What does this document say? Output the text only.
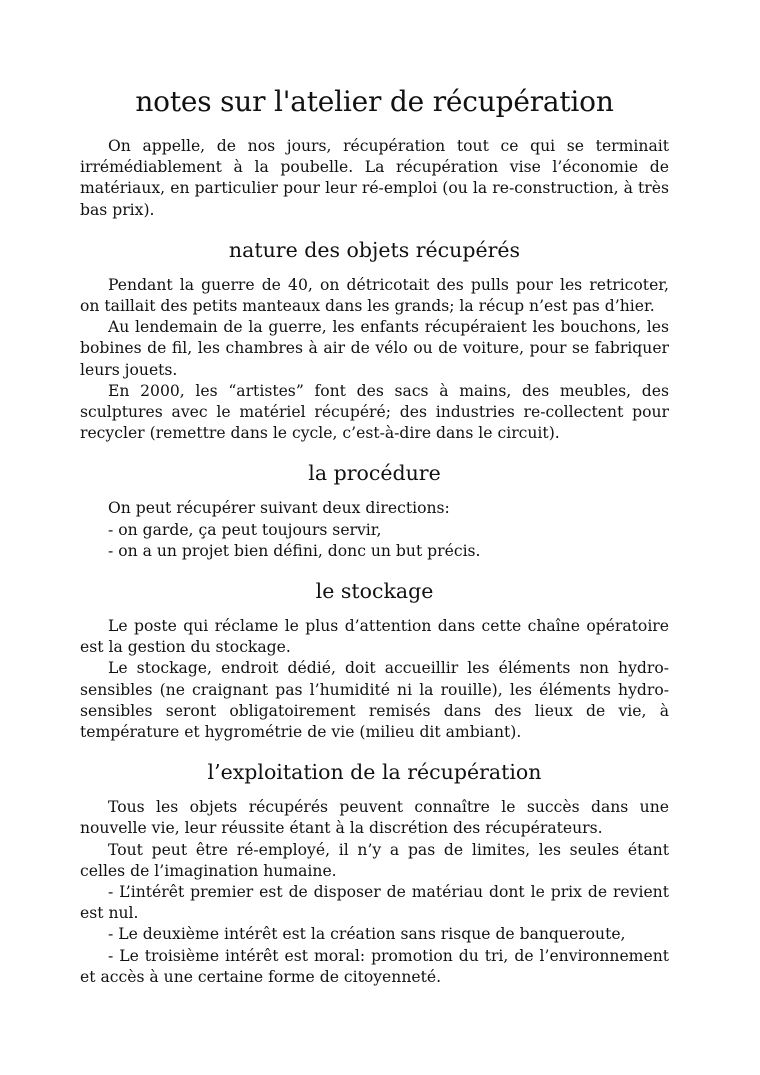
notes sur l'atelier de récupération

On appelle, de nos jours, récupération tout ce qui se terminait irrémédiablement à la poubelle. La récupération vise l’économie de matériaux, en particulier pour leur ré-emploi (ou la re-construction, à très bas prix).

nature des objets récupérés

Pendant la guerre de 40, on détricotait des pulls pour les retricoter, on taillait des petits manteaux dans les grands; la récup n’est pas d’hier.

Au lendemain de la guerre, les enfants récupéraient les bouchons, les bobines de fil, les chambres à air de vélo ou de voiture, pour se fabriquer leurs jouets.

En 2000, les “artistes” font des sacs à mains, des meubles, des sculptures avec le matériel récupéré; des industries re-collectent pour recycler (remettre dans le cycle, c’est-à-dire dans le circuit).

la procédure

On peut récupérer suivant deux directions:

- on garde, ça peut toujours servir,

- on a un projet bien défini, donc un but précis.

le stockage

Le poste qui réclame le plus d’attention dans cette chaîne opératoire est la gestion du stockage.

Le stockage, endroit dédié, doit accueillir les éléments non hydro-sensibles (ne craignant pas l’humidité ni la rouille), les éléments hydro-sensibles seront obligatoirement remisés dans des lieux de vie, à température et hygrométrie de vie (milieu dit ambiant).

l’exploitation de la récupération

Tous les objets récupérés peuvent connaître le succès dans une nouvelle vie, leur réussite étant à la discrétion des récupérateurs.

Tout peut être ré-employé, il n’y a pas de limites, les seules étant celles de l’imagination humaine.

- L’intérêt premier est de disposer de matériau dont le prix de revient est nul.

- Le deuxième intérêt est la création sans risque de banqueroute,

- Le troisième intérêt est moral: promotion du tri, de l’environnement et accès à une certaine forme de citoyenneté.
